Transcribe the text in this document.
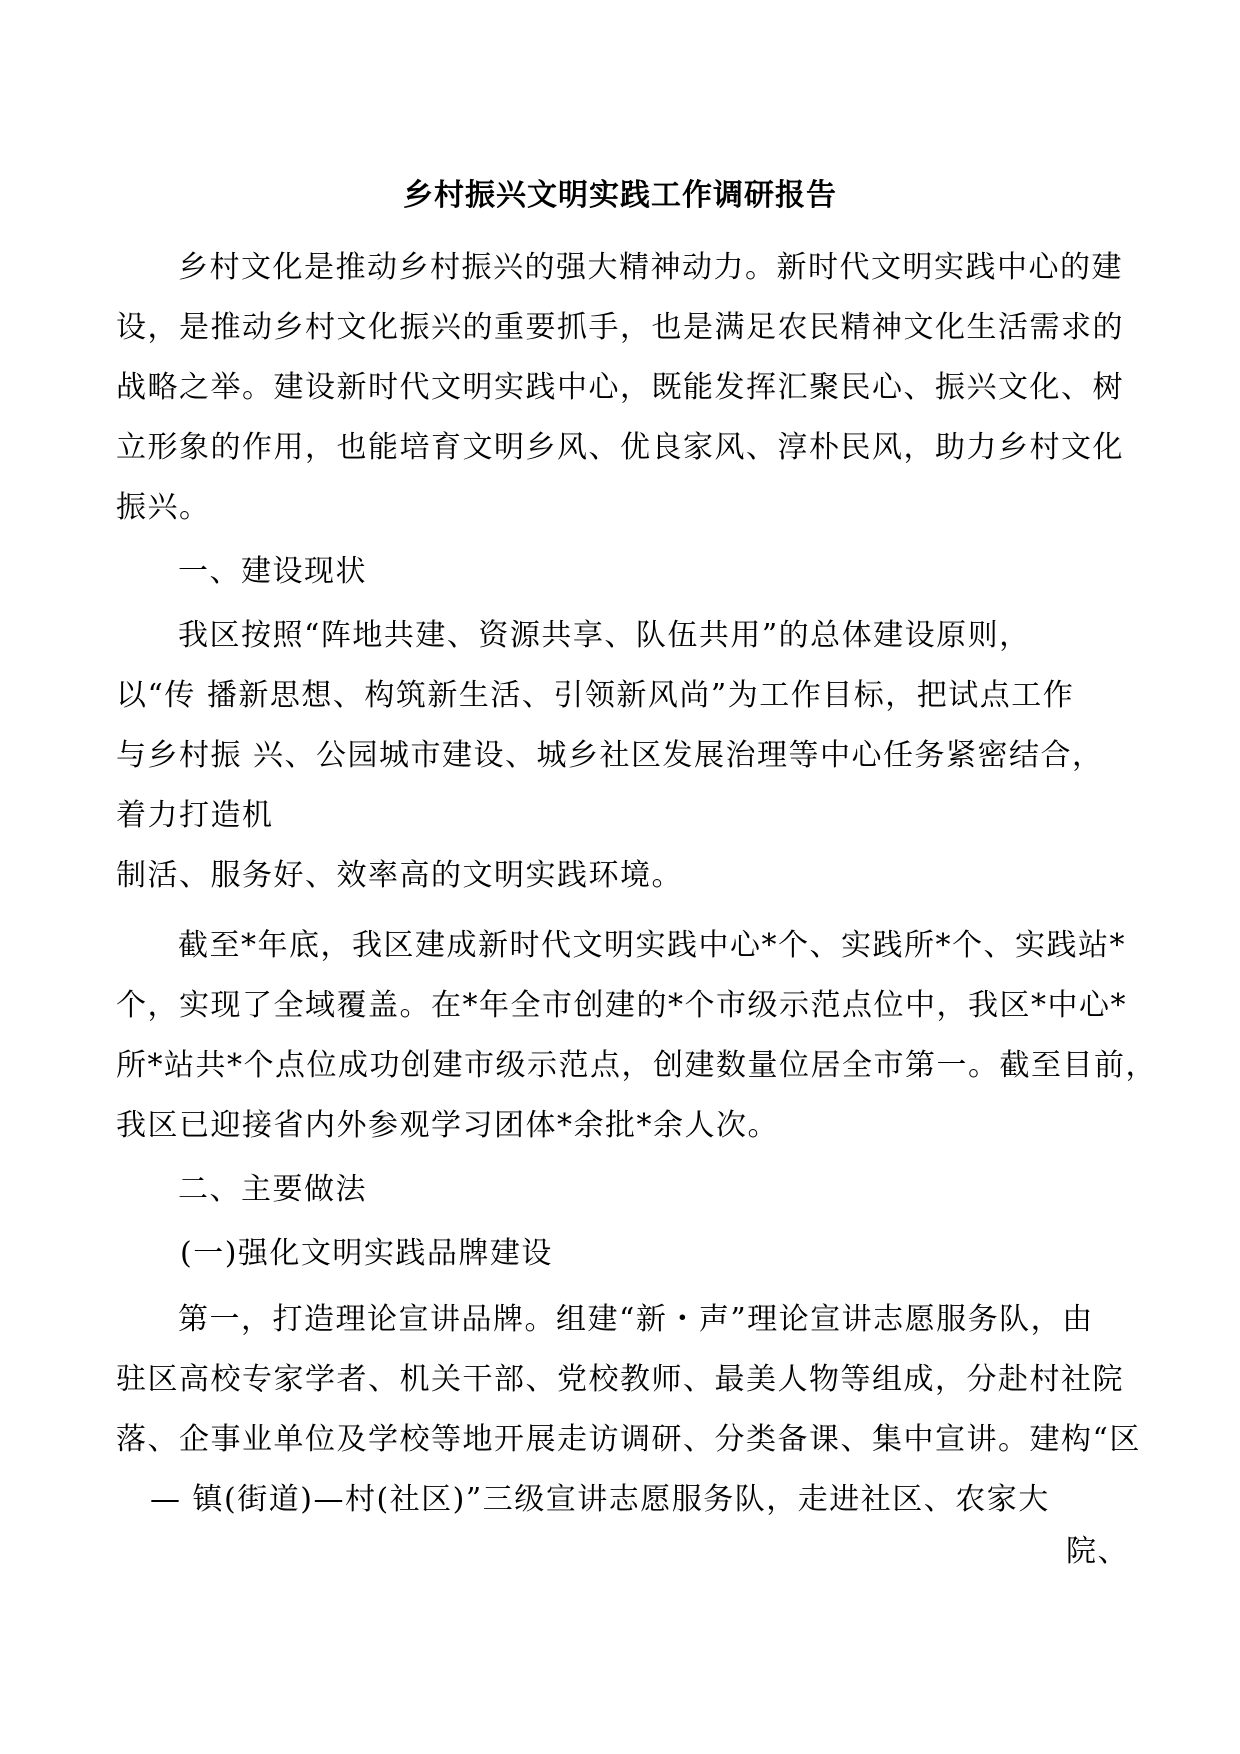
乡村振兴文明实践工作调研报告
乡村文化是推动乡村振兴的强大精神动力。新时代文明实践中心的建
设，是推动乡村文化振兴的重要抓手，也是满足农民精神文化生活需求的
战略之举。建设新时代文明实践中心，既能发挥汇聚民心、振兴文化、树
立形象的作用，也能培育文明乡风、优良家风、淳朴民风，助力乡村文化
振兴。
一、建设现状
我区按照“阵地共建、资源共享、队伍共用”的总体建设原则，
以“传 播新思想、构筑新生活、引领新风尚”为工作目标，把试点工作
与乡村振 兴、公园城市建设、城乡社区发展治理等中心任务紧密结合，
着力打造机
制活、服务好、效率高的文明实践环境。
截至*年底，我区建成新时代文明实践中心*个、实践所*个、实践站*
个，实现了全域覆盖。在*年全市创建的*个市级示范点位中，我区*中心*
所*站共*个点位成功创建市级示范点，创建数量位居全市第一。截至目前，
我区已迎接省内外参观学习团体*余批*余人次。
二、主要做法
(一)强化文明实践品牌建设
第一，打造理论宣讲品牌。组建“新・声”理论宣讲志愿服务队，由
驻区高校专家学者、机关干部、党校教师、最美人物等组成，分赴村社院
落、企事业单位及学校等地开展走访调研、分类备课、集中宣讲。建构“区
— 镇(街道)—村(社区)”三级宣讲志愿服务队，走进社区、农家大
院、
